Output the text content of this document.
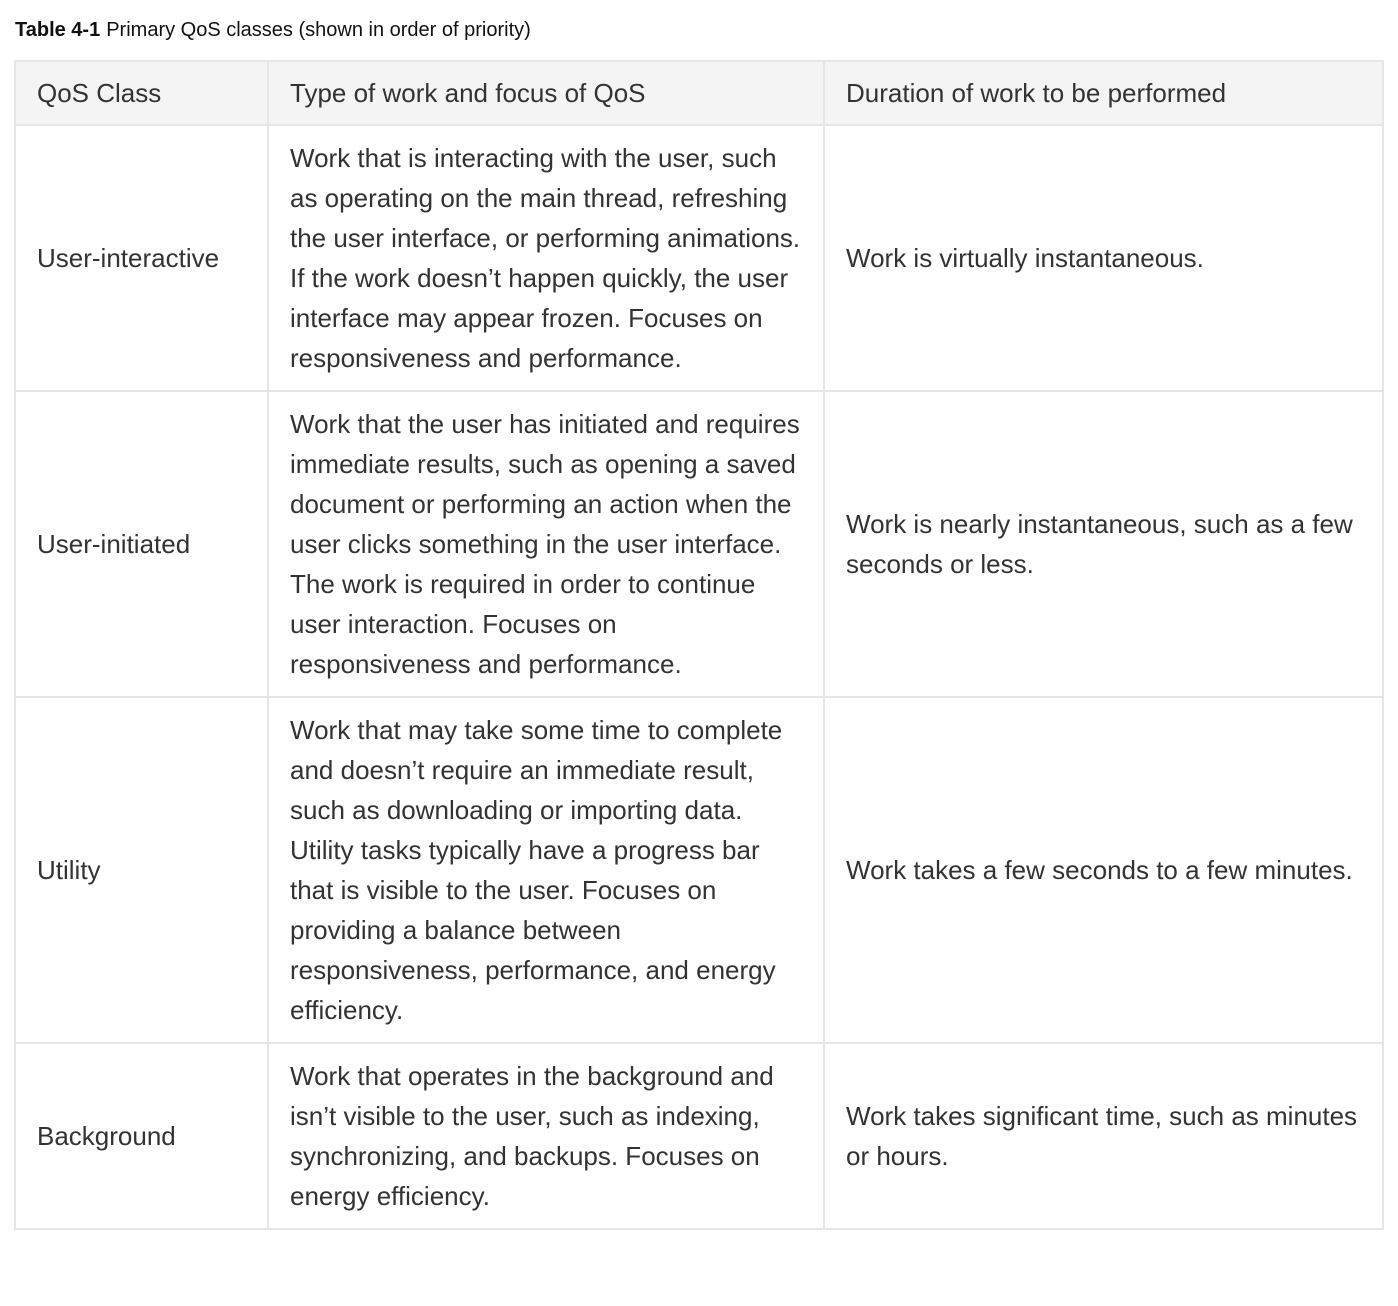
Table 4-1 Primary QoS classes (shown in order of priority)
QoS Class	Type of work and focus of QoS	Duration of work to be performed
User-interactive	Work that is interacting with the user, such as operating on the main thread, refreshing the user interface, or performing animations. If the work doesn’t happen quickly, the user interface may appear frozen. Focuses on responsiveness and performance.	Work is virtually instantaneous.
User-initiated	Work that the user has initiated and requires immediate results, such as opening a saved document or performing an action when the user clicks something in the user interface. The work is required in order to continue user interaction. Focuses on responsiveness and performance.	Work is nearly instantaneous, such as a few seconds or less.
Utility	Work that may take some time to complete and doesn’t require an immediate result, such as downloading or importing data. Utility tasks typically have a progress bar that is visible to the user. Focuses on providing a balance between responsiveness, performance, and energy efficiency.	Work takes a few seconds to a few minutes.
Background	Work that operates in the background and isn’t visible to the user, such as indexing, synchronizing, and backups. Focuses on energy efficiency.	Work takes significant time, such as minutes or hours.
